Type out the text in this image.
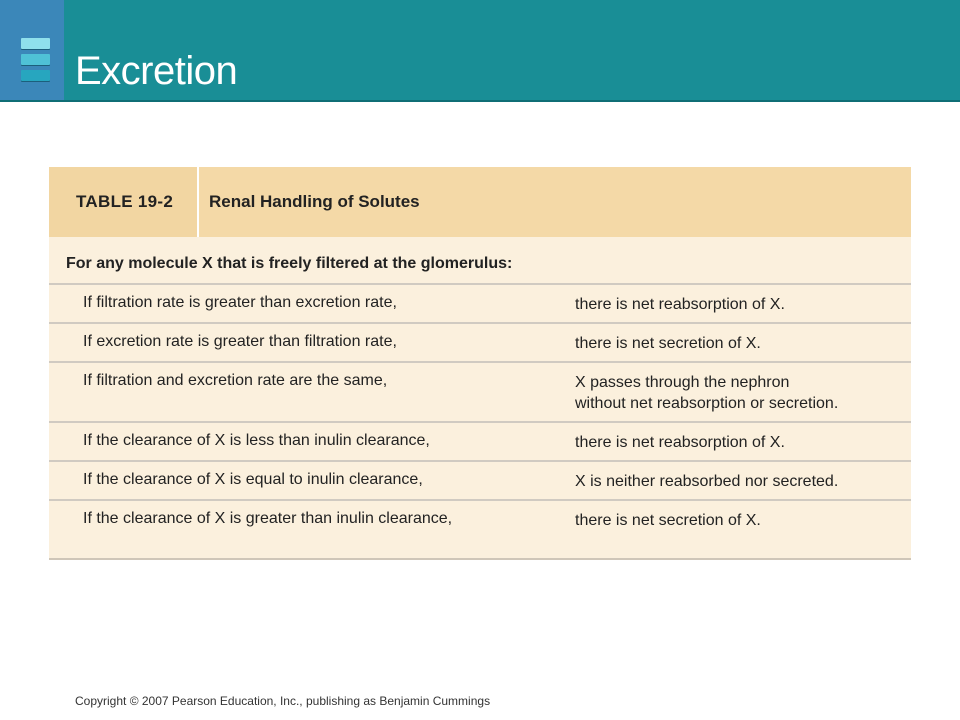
Excretion
TABLE 19-2	Renal Handling of Solutes
For any molecule X that is freely filtered at the glomerulus:
If filtration rate is greater than excretion rate,	there is net reabsorption of X.
If excretion rate is greater than filtration rate,	there is net secretion of X.
If filtration and excretion rate are the same,	X passes through the nephron
without net reabsorption or secretion.
If the clearance of X is less than inulin clearance,	there is net reabsorption of X.
If the clearance of X is equal to inulin clearance,	X is neither reabsorbed nor secreted.
If the clearance of X is greater than inulin clearance,	there is net secretion of X.
Copyright © 2007 Pearson Education, Inc., publishing as Benjamin Cummings
